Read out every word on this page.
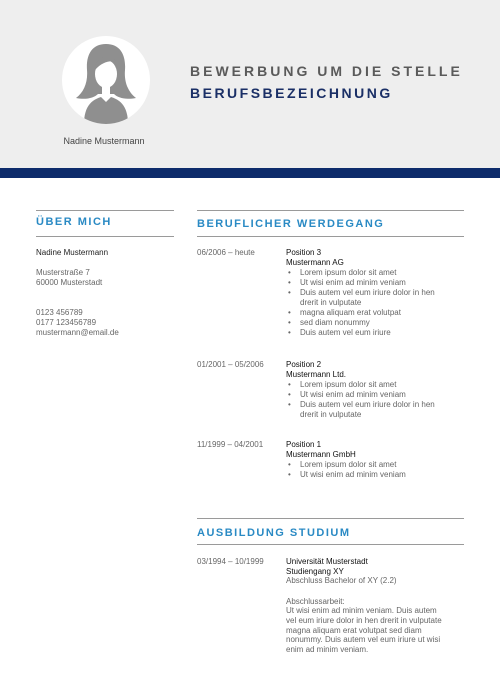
Nadine Mustermann
BEWERBUNG UM DIE STELLE
BERUFSBEZEICHNUNG
ÜBER MICH
Nadine Mustermann
Musterstraße 7
60000 Musterstadt
0123 456789
0177 123456789
mustermann@email.de
BERUFLICHER WERDEGANG
06/2006 – heute	Position 3
Mustermann AG
• Lorem ipsum dolor sit amet
• Ut wisi enim ad minim veniam
• Duis autem vel eum iriure dolor in hen
drerit in vulputate
• magna aliquam erat volutpat
• sed diam nonummy
• Duis autem vel eum iriure
01/2001 – 05/2006	Position 2
Mustermann Ltd.
• Lorem ipsum dolor sit amet
• Ut wisi enim ad minim veniam
• Duis autem vel eum iriure dolor in hen
drerit in vulputate
11/1999 – 04/2001	Position 1
Mustermann GmbH
• Lorem ipsum dolor sit amet
• Ut wisi enim ad minim veniam
AUSBILDUNG STUDIUM
03/1994 – 10/1999	Universität Musterstadt
Studiengang XY
Abschluss Bachelor of XY (2.2)
Abschlussarbeit:
Ut wisi enim ad minim veniam. Duis autem
vel eum iriure dolor in hen drerit in vulputate
magna aliquam erat volutpat sed diam
nonummy. Duis autem vel eum iriure ut wisi
enim ad minim veniam.
